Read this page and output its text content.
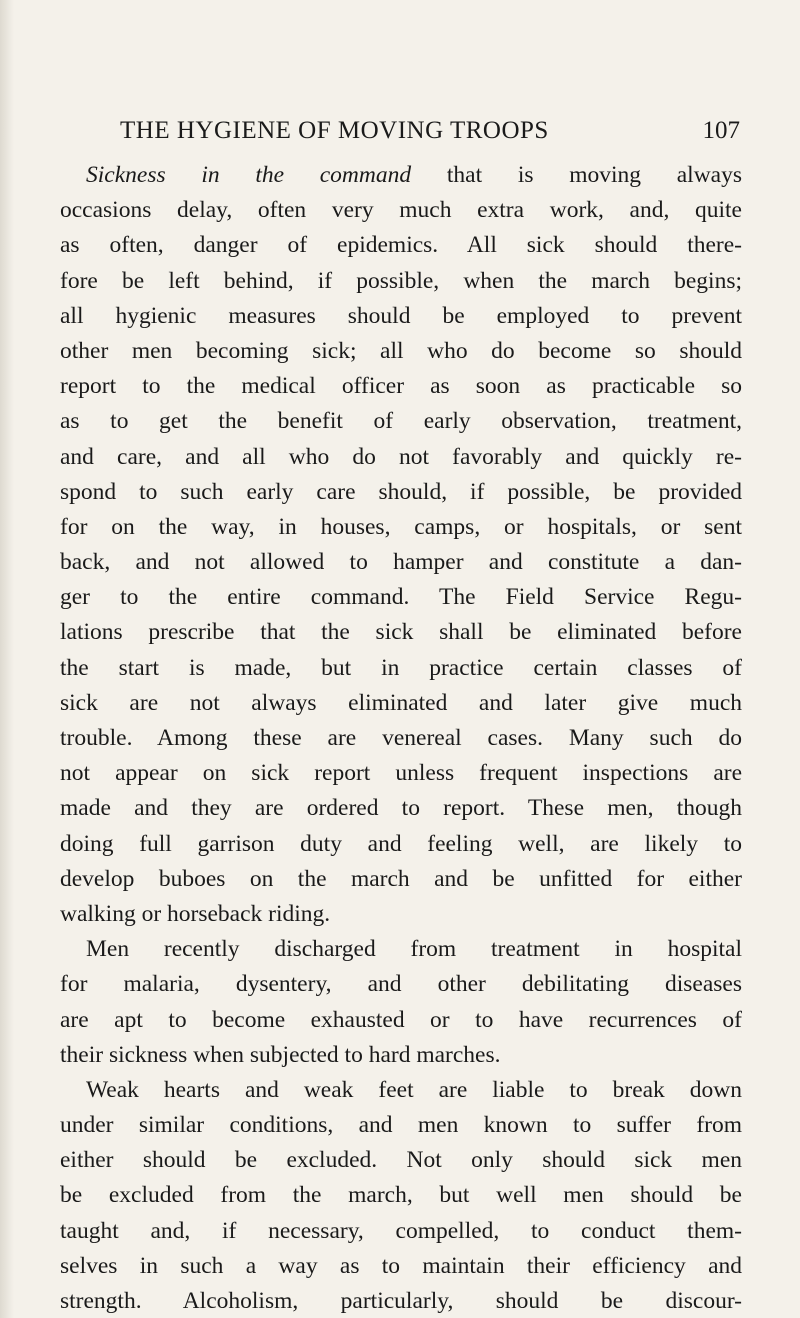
THE HYGIENE OF MOVING TROOPS	107
Sickness in the command that is moving always
occasions delay, often very much extra work, and, quite
as often, danger of epidemics. All sick should there-
fore be left behind, if possible, when the march begins;
all hygienic measures should be employed to prevent
other men becoming sick; all who do become so should
report to the medical officer as soon as practicable so
as to get the benefit of early observation, treatment,
and care, and all who do not favorably and quickly re-
spond to such early care should, if possible, be provided
for on the way, in houses, camps, or hospitals, or sent
back, and not allowed to hamper and constitute a dan-
ger to the entire command. The Field Service Regu-
lations prescribe that the sick shall be eliminated before
the start is made, but in practice certain classes of
sick are not always eliminated and later give much
trouble. Among these are venereal cases. Many such do
not appear on sick report unless frequent inspections are
made and they are ordered to report. These men, though
doing full garrison duty and feeling well, are likely to
develop buboes on the march and be unfitted for either
walking or horseback riding.
Men recently discharged from treatment in hospital
for malaria, dysentery, and other debilitating diseases
are apt to become exhausted or to have recurrences of
their sickness when subjected to hard marches.
Weak hearts and weak feet are liable to break down
under similar conditions, and men known to suffer from
either should be excluded. Not only should sick men
be excluded from the march, but well men should be
taught and, if necessary, compelled, to conduct them-
selves in such a way as to maintain their efficiency and
strength. Alcoholism, particularly, should be discour-
